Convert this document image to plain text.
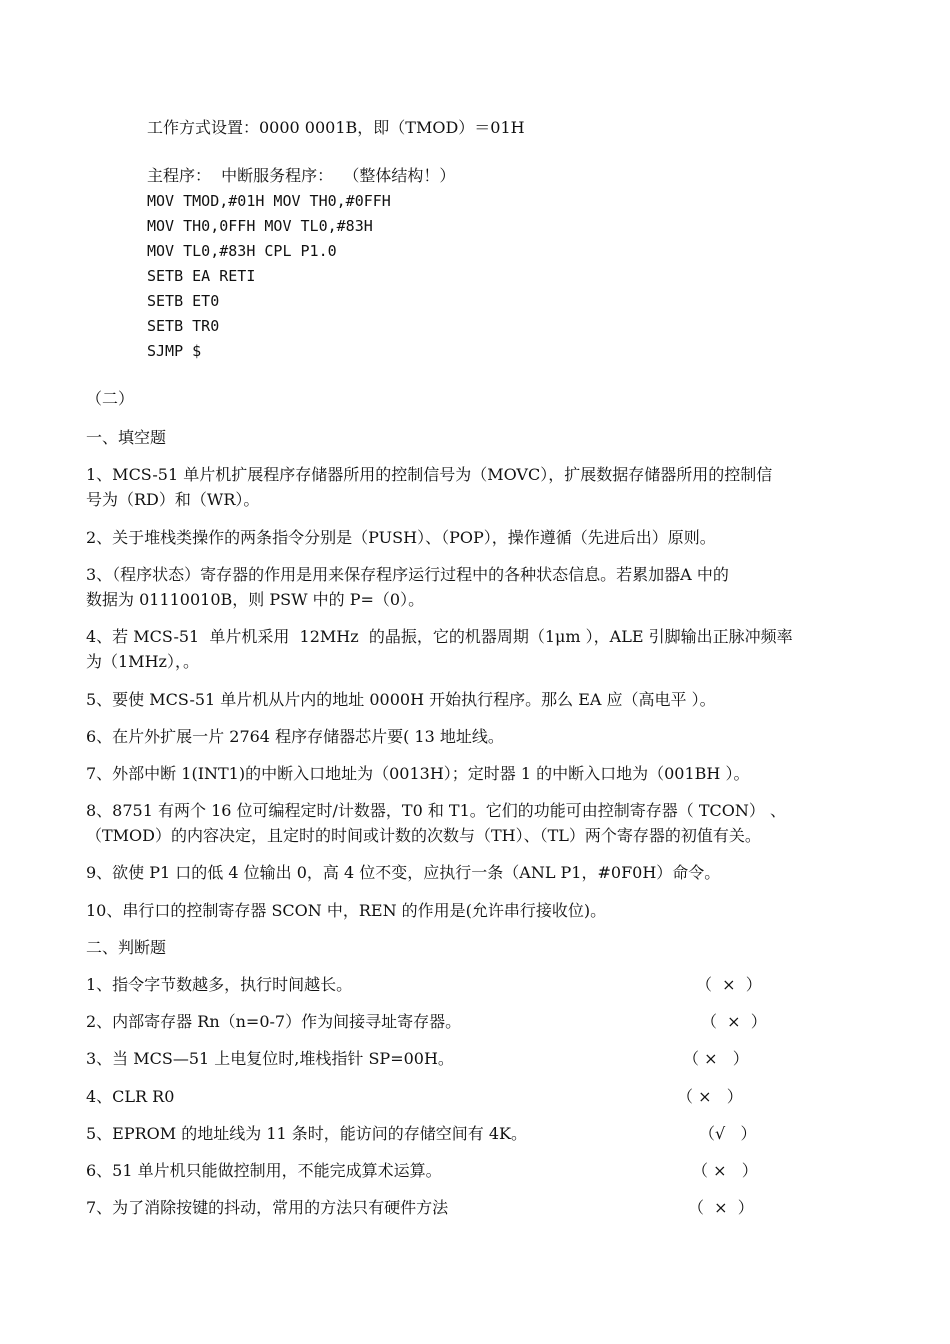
工作方式设置：0000 0001B，即（TMOD）＝01H

主程序：  中断服务程序：  （整体结构！）

MOV TMOD,#01H MOV TH0,#0FFH

MOV TH0,0FFH MOV TL0,#83H

MOV TL0,#83H CPL P1.0

SETB EA RETI

SETB ET0

SETB TR0

SJMP $

（二）

一、填空题

1、MCS-51 单片机扩展程序存储器所用的控制信号为（MOVC），扩展数据存储器所用的控制信

号为（RD）和（WR）。

2、关于堆栈类操作的两条指令分别是（PUSH）、（POP），操作遵循（先进后出）原则。

3、（程序状态）寄存器的作用是用来保存程序运行过程中的各种状态信息。若累加器A 中的

数据为 01110010B，则 PSW 中的 P=（0）。

4、若 MCS-51  单片机采用  12MHz  的晶振，它的机器周期（1μm ），ALE 引脚输出正脉冲频率

为（1MHz），。

5、要使 MCS-51 单片机从片内的地址 0000H 开始执行程序。那么 EA 应（高电平 ）。

6、在片外扩展一片 2764 程序存储器芯片要( 13 地址线。

7、外部中断 1(INT1)的中断入口地址为（0013H）；定时器 1 的中断入口地为（001BH ）。

8、8751 有两个 16 位可编程定时/计数器，T0 和 T1。它们的功能可由控制寄存器（ TCON） 、

（TMOD）的内容决定，且定时的时间或计数的次数与（TH）、（TL）两个寄存器的初值有关。

9、欲使 P1 口的低 4 位输出 0，高 4 位不变，应执行一条（ANL P1，#0F0H）命令。

10、串行口的控制寄存器 SCON 中，REN 的作用是(允许串行接收位)。

二、判断题

1、指令字节数越多，执行时间越长。	（  ×  ）

2、内部寄存器 Rn（n=0-7）作为间接寻址寄存器。	（  ×  ）

3、当 MCS—51 上电复位时,堆栈指针 SP=00H。	（ ×   ）

4、CLR R0	（ ×   ）

5、EPROM 的地址线为 11 条时，能访问的存储空间有 4K。	（√   ）

6、51 单片机只能做控制用，不能完成算术运算。	（ ×   ）

7、为了消除按键的抖动，常用的方法只有硬件方法	（  ×  ）
